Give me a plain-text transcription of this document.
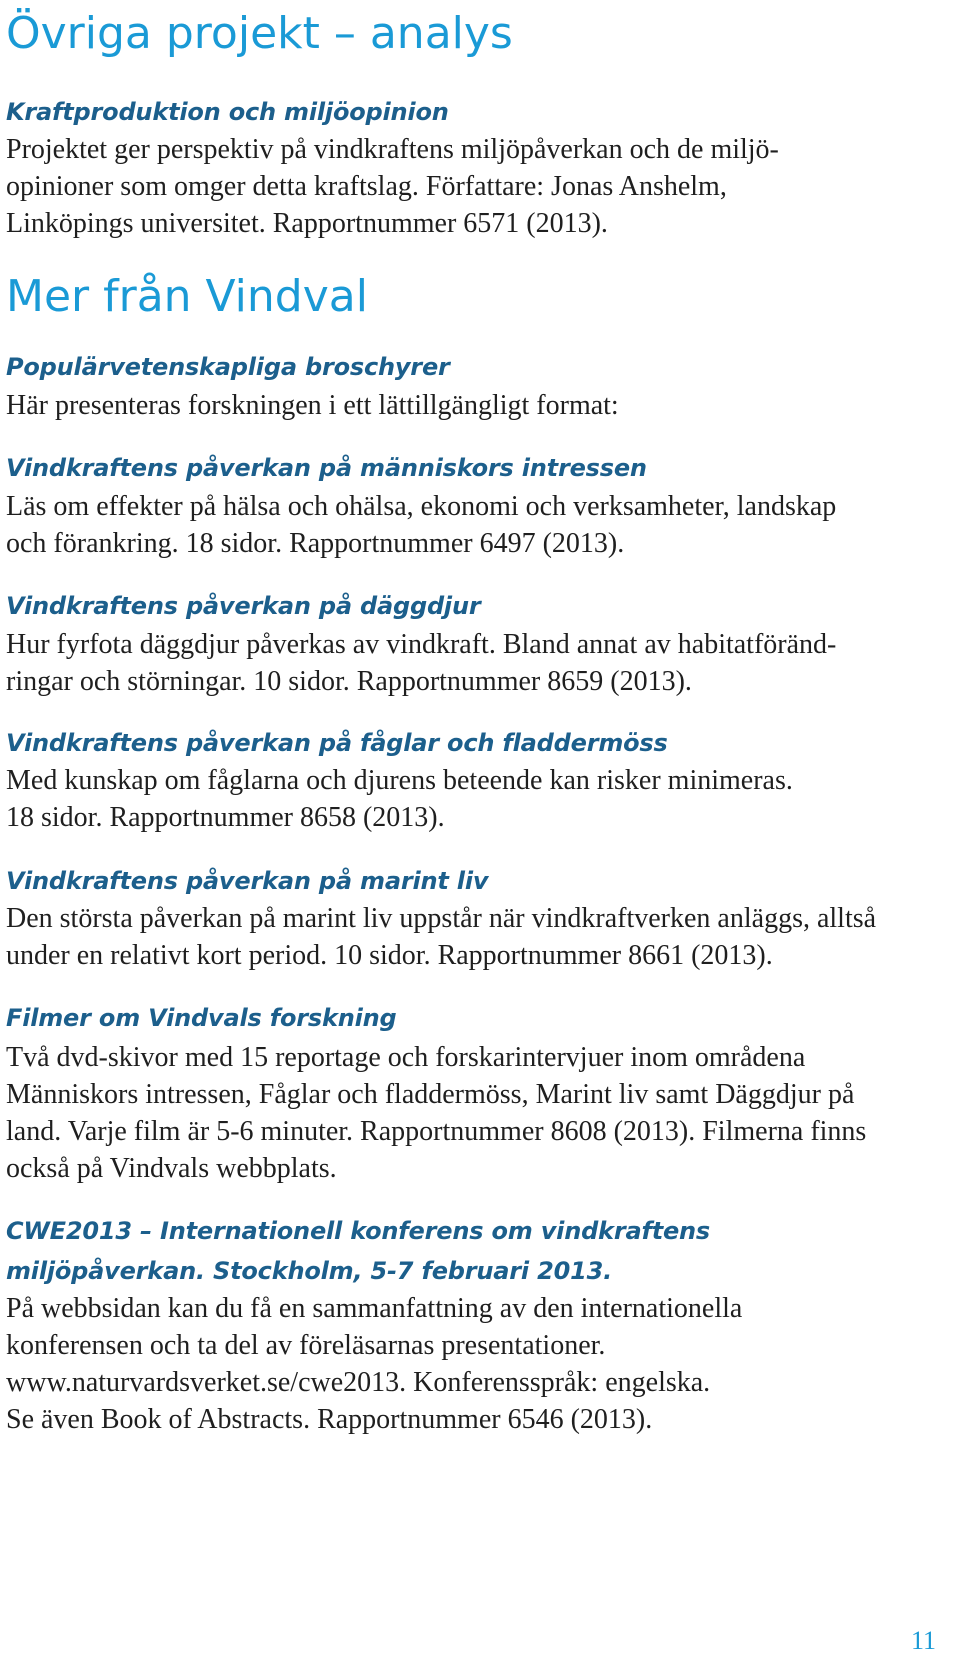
Övriga projekt – analys
Kraftproduktion och miljöopinion
Projektet ger perspektiv på vindkraftens miljöpåverkan och de miljö-
opinioner som omger detta kraftslag. Författare: Jonas Anshelm,
Linköpings universitet. Rapportnummer 6571 (2013).
Mer från Vindval
Populärvetenskapliga broschyrer
Här presenteras forskningen i ett lättillgängligt format:
Vindkraftens påverkan på människors intressen
Läs om effekter på hälsa och ohälsa, ekonomi och verksamheter, landskap
och förankring. 18 sidor. Rapportnummer 6497 (2013).
Vindkraftens påverkan på däggdjur
Hur fyrfota däggdjur påverkas av vindkraft. Bland annat av habitatföränd-
ringar och störningar. 10 sidor. Rapportnummer 8659 (2013).
Vindkraftens påverkan på fåglar och fladdermöss
Med kunskap om fåglarna och djurens beteende kan risker minimeras.
18 sidor. Rapportnummer 8658 (2013).
Vindkraftens påverkan på marint liv
Den största påverkan på marint liv uppstår när vindkraftverken anläggs, alltså
under en relativt kort period. 10 sidor. Rapportnummer 8661 (2013).
Filmer om Vindvals forskning
Två dvd-skivor med 15 reportage och forskarintervjuer inom områdena
Människors intressen, Fåglar och fladdermöss, Marint liv samt Däggdjur på
land. Varje film är 5-6 minuter. Rapportnummer 8608 (2013). Filmerna finns
också på Vindvals webbplats.
CWE2013 – Internationell konferens om vindkraftens
miljöpåverkan. Stockholm, 5-7 februari 2013.
På webbsidan kan du få en sammanfattning av den internationella
konferensen och ta del av föreläsarnas presentationer.
www.naturvardsverket.se/cwe2013. Konferensspråk: engelska.
Se även Book of Abstracts. Rapportnummer 6546 (2013).
11
